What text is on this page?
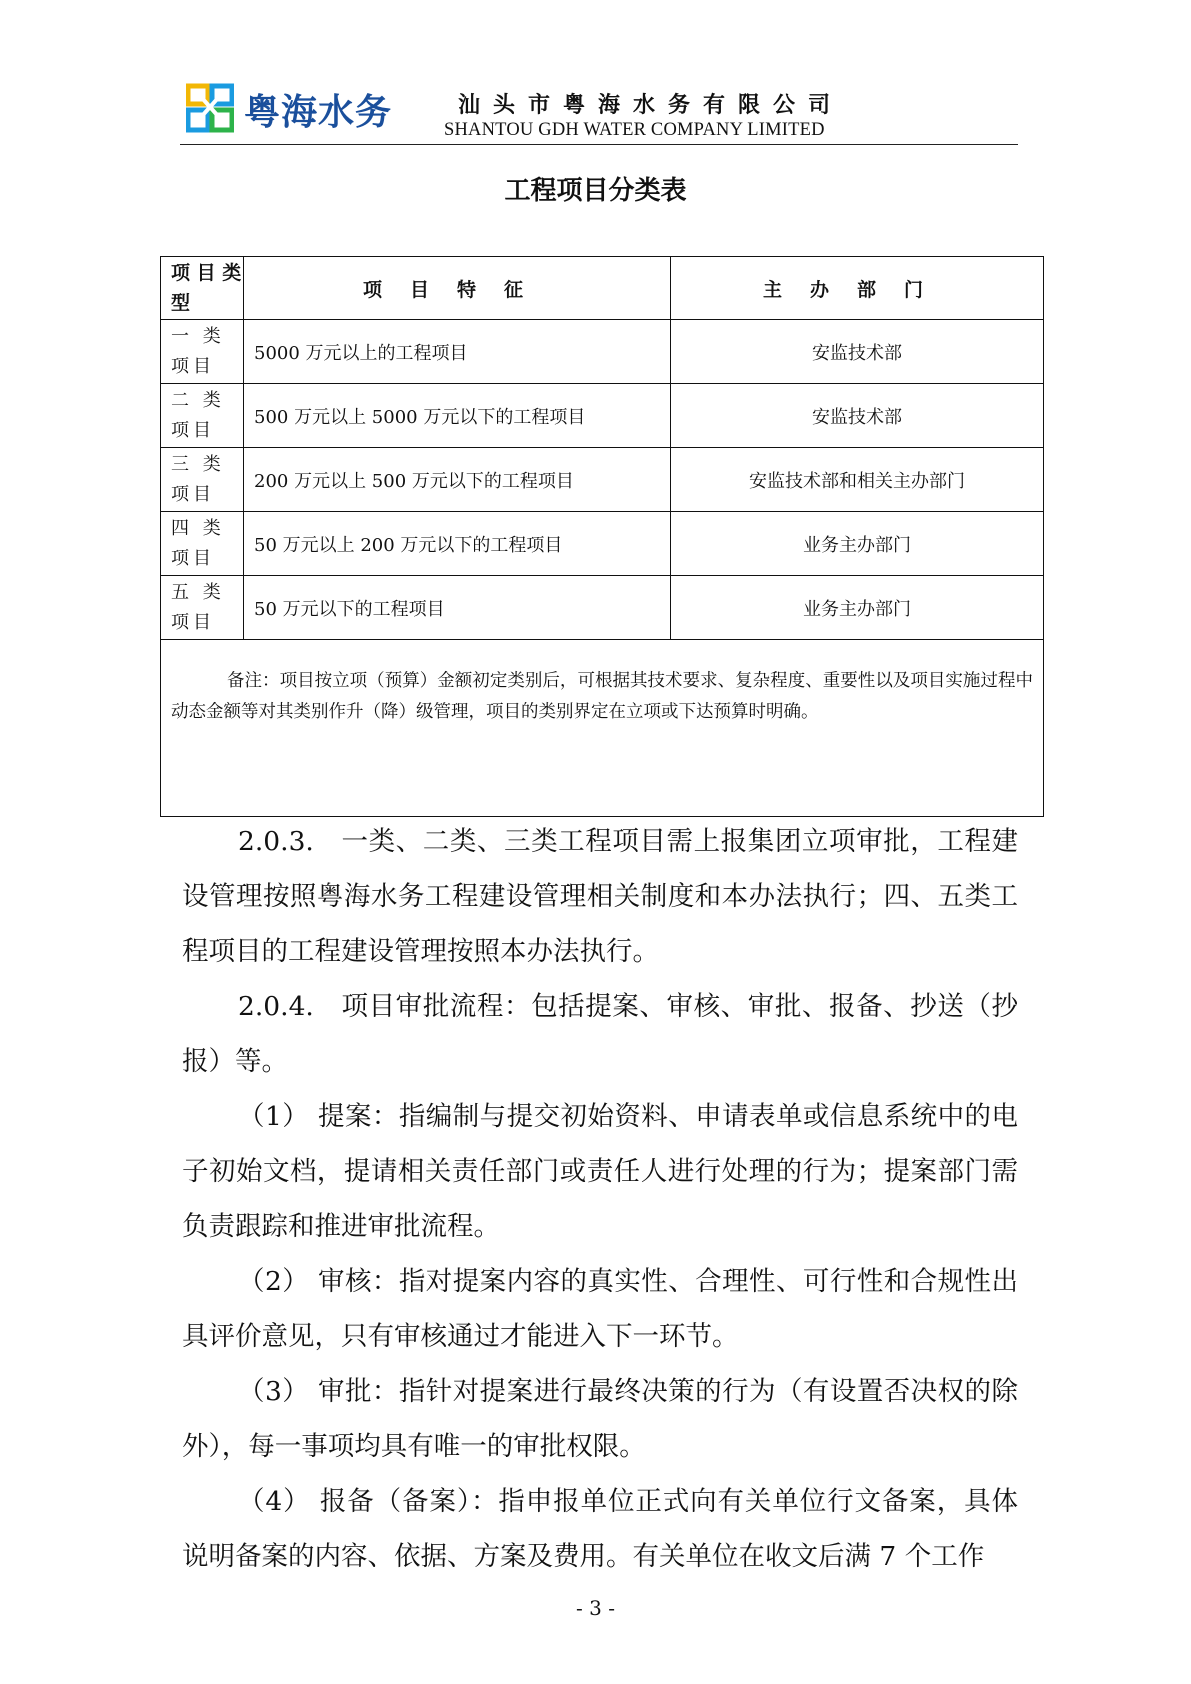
粤海水务	汕头市粤海水务有限公司
SHANTOU GDH WATER COMPANY LIMITED
工程项目分类表
项 目 类型	项目特征	主办部门
一 类 项目	5000 万元以上的工程项目	安监技术部
二 类 项目	500 万元以上 5000 万元以下的工程项目	安监技术部
三 类 项目	200 万元以上 500 万元以下的工程项目	安监技术部和相关主办部门
四 类 项目	50 万元以上 200 万元以下的工程项目	业务主办部门
五 类 项目	50 万元以下的工程项目	业务主办部门
备注：项目按立项（预算）金额初定类别后，可根据其技术要求、复杂程度、重要性以及项目实施过程中动态金额等对其类别作升（降）级管理，项目的类别界定在立项或下达预算时明确。		

2.0.3.　一类、二类、三类工程项目需上报集团立项审批，工程建设管理按照粤海水务工程建设管理相关制度和本办法执行；四、五类工程项目的工程建设管理按照本办法执行。

2.0.4.　项目审批流程：包括提案、审核、审批、报备、抄送（抄报）等。

（1） 提案：指编制与提交初始资料、申请表单或信息系统中的电子初始文档，提请相关责任部门或责任人进行处理的行为；提案部门需负责跟踪和推进审批流程。

（2） 审核：指对提案内容的真实性、合理性、可行性和合规性出具评价意见，只有审核通过才能进入下一环节。

（3） 审批：指针对提案进行最终决策的行为（有设置否决权的除外），每一事项均具有唯一的审批权限。

（4） 报备（备案）：指申报单位正式向有关单位行文备案，具体说明备案的内容、依据、方案及费用。有关单位在收文后满 7 个工作

- 3 -
